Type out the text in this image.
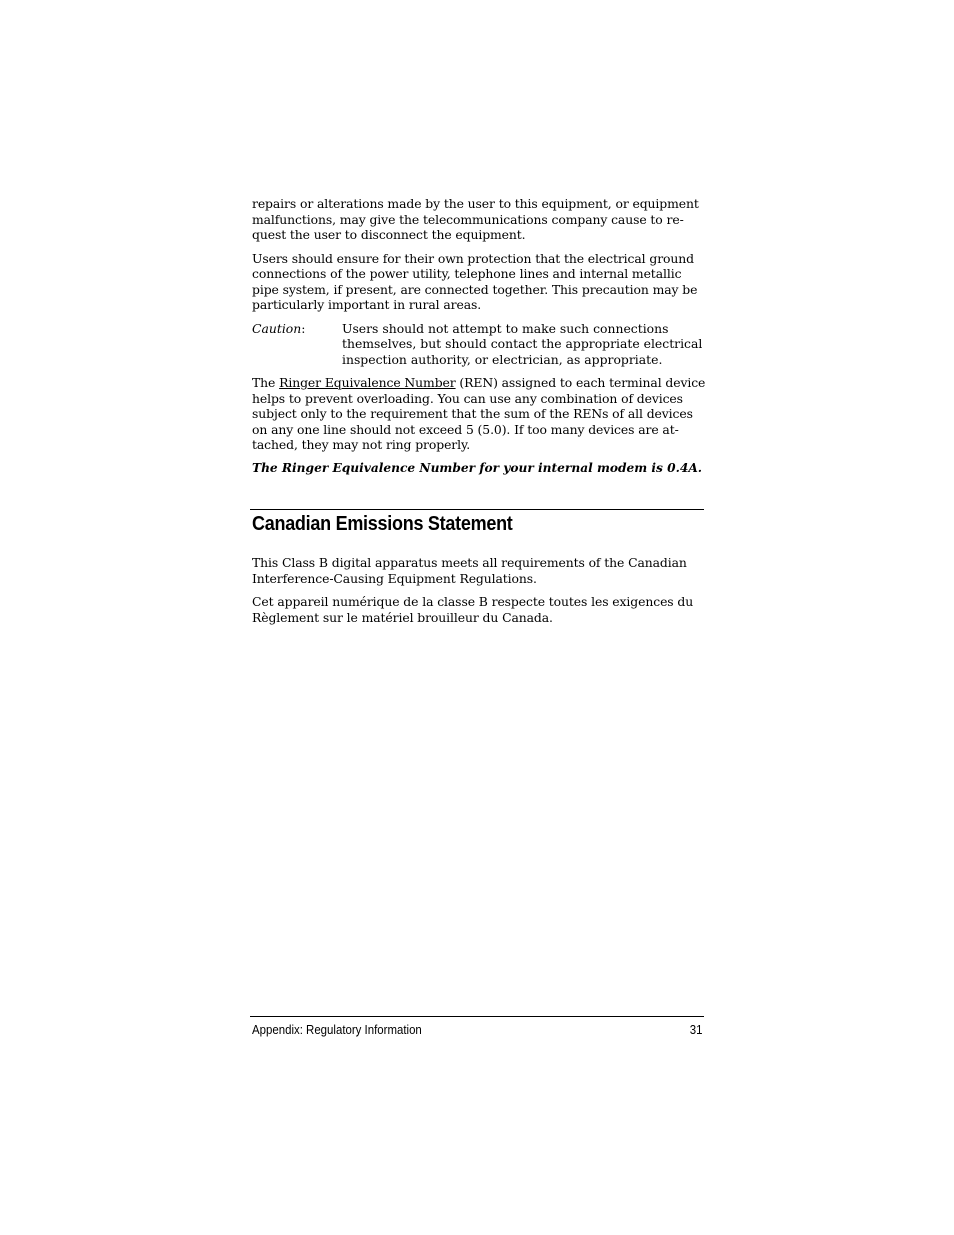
repairs or alterations made by the user to this equipment, or equipment
malfunctions, may give the telecommunications company cause to re-
quest the user to disconnect the equipment.

Users should ensure for their own protection that the electrical ground
connections of the power utility, telephone lines and internal metallic
pipe system, if present, are connected together. This precaution may be
particularly important in rural areas.

Caution:	Users should not attempt to make such connections
themselves, but should contact the appropriate electrical
inspection authority, or electrician, as appropriate.

The Ringer Equivalence Number (REN) assigned to each terminal device
helps to prevent overloading. You can use any combination of devices
subject only to the requirement that the sum of the RENs of all devices
on any one line should not exceed 5 (5.0). If too many devices are at-
tached, they may not ring properly.

The Ringer Equivalence Number for your internal modem is 0.4A.

Canadian Emissions Statement

This Class B digital apparatus meets all requirements of the Canadian
Interference-Causing Equipment Regulations.

Cet appareil numérique de la classe B respecte toutes les exigences du
Règlement sur le matériel brouilleur du Canada.

Appendix: Regulatory Information	31
